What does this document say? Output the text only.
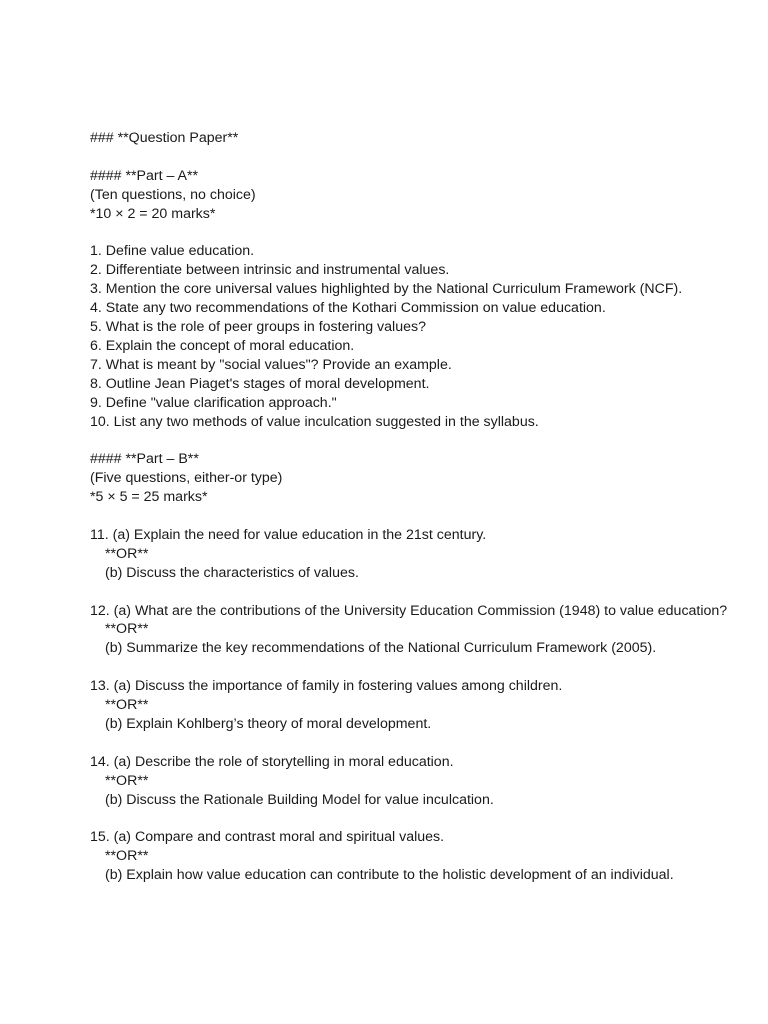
### **Question Paper**

#### **Part – A**

(Ten questions, no choice)

*10 × 2 = 20 marks*

1. Define value education.

2. Differentiate between intrinsic and instrumental values.

3. Mention the core universal values highlighted by the National Curriculum Framework (NCF).

4. State any two recommendations of the Kothari Commission on value education.

5. What is the role of peer groups in fostering values?

6. Explain the concept of moral education.

7. What is meant by "social values"? Provide an example.

8. Outline Jean Piaget's stages of moral development.

9. Define "value clarification approach."

10. List any two methods of value inculcation suggested in the syllabus.

#### **Part – B**

(Five questions, either-or type)

*5 × 5 = 25 marks*

11. (a) Explain the need for value education in the 21st century.

**OR**

(b) Discuss the characteristics of values.

12. (a) What are the contributions of the University Education Commission (1948) to value education?

**OR**

(b) Summarize the key recommendations of the National Curriculum Framework (2005).

13. (a) Discuss the importance of family in fostering values among children.

**OR**

(b) Explain Kohlberg’s theory of moral development.

14. (a) Describe the role of storytelling in moral education.

**OR**

(b) Discuss the Rationale Building Model for value inculcation.

15. (a) Compare and contrast moral and spiritual values.

**OR**

(b) Explain how value education can contribute to the holistic development of an individual.
